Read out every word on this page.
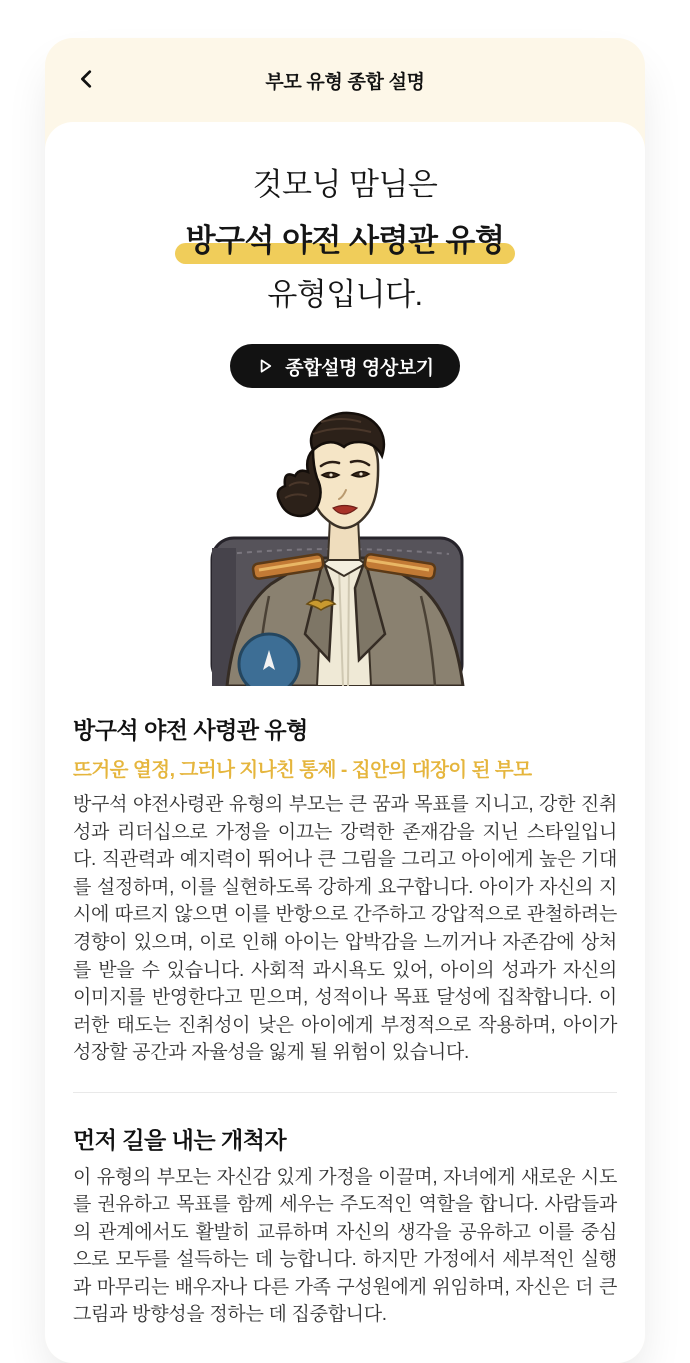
부모 유형 종합 설명

것모닝 맘님은

방구석 야전 사령관 유형

유형입니다.

종합설명 영상보기
방구석 야전 사령관 유형

뜨거운 열정, 그러나 지나친 통제 - 집안의 대장이 된 부모

방구석 야전사령관 유형의 부모는 큰 꿈과 목표를 지니고, 강한 진취성과 리더십으로 가정을 이끄는 강력한 존재감을 지닌 스타일입니다. 직관력과 예지력이 뛰어나 큰 그림을 그리고 아이에게 높은 기대를 설정하며, 이를 실현하도록 강하게 요구합니다. 아이가 자신의 지시에 따르지 않으면 이를 반항으로 간주하고 강압적으로 관철하려는 경향이 있으며, 이로 인해 아이는 압박감을 느끼거나 자존감에 상처를 받을 수 있습니다. 사회적 과시욕도 있어, 아이의 성과가 자신의 이미지를 반영한다고 믿으며, 성적이나 목표 달성에 집착합니다. 이러한 태도는 진취성이 낮은 아이에게 부정적으로 작용하며, 아이가 성장할 공간과 자율성을 잃게 될 위험이 있습니다.

먼저 길을 내는 개척자

이 유형의 부모는 자신감 있게 가정을 이끌며, 자녀에게 새로운 시도를 권유하고 목표를 함께 세우는 주도적인 역할을 합니다. 사람들과의 관계에서도 활발히 교류하며 자신의 생각을 공유하고 이를 중심으로 모두를 설득하는 데 능합니다. 하지만 가정에서 세부적인 실행과 마무리는 배우자나 다른 가족 구성원에게 위임하며, 자신은 더 큰 그림과 방향성을 정하는 데 집중합니다.
